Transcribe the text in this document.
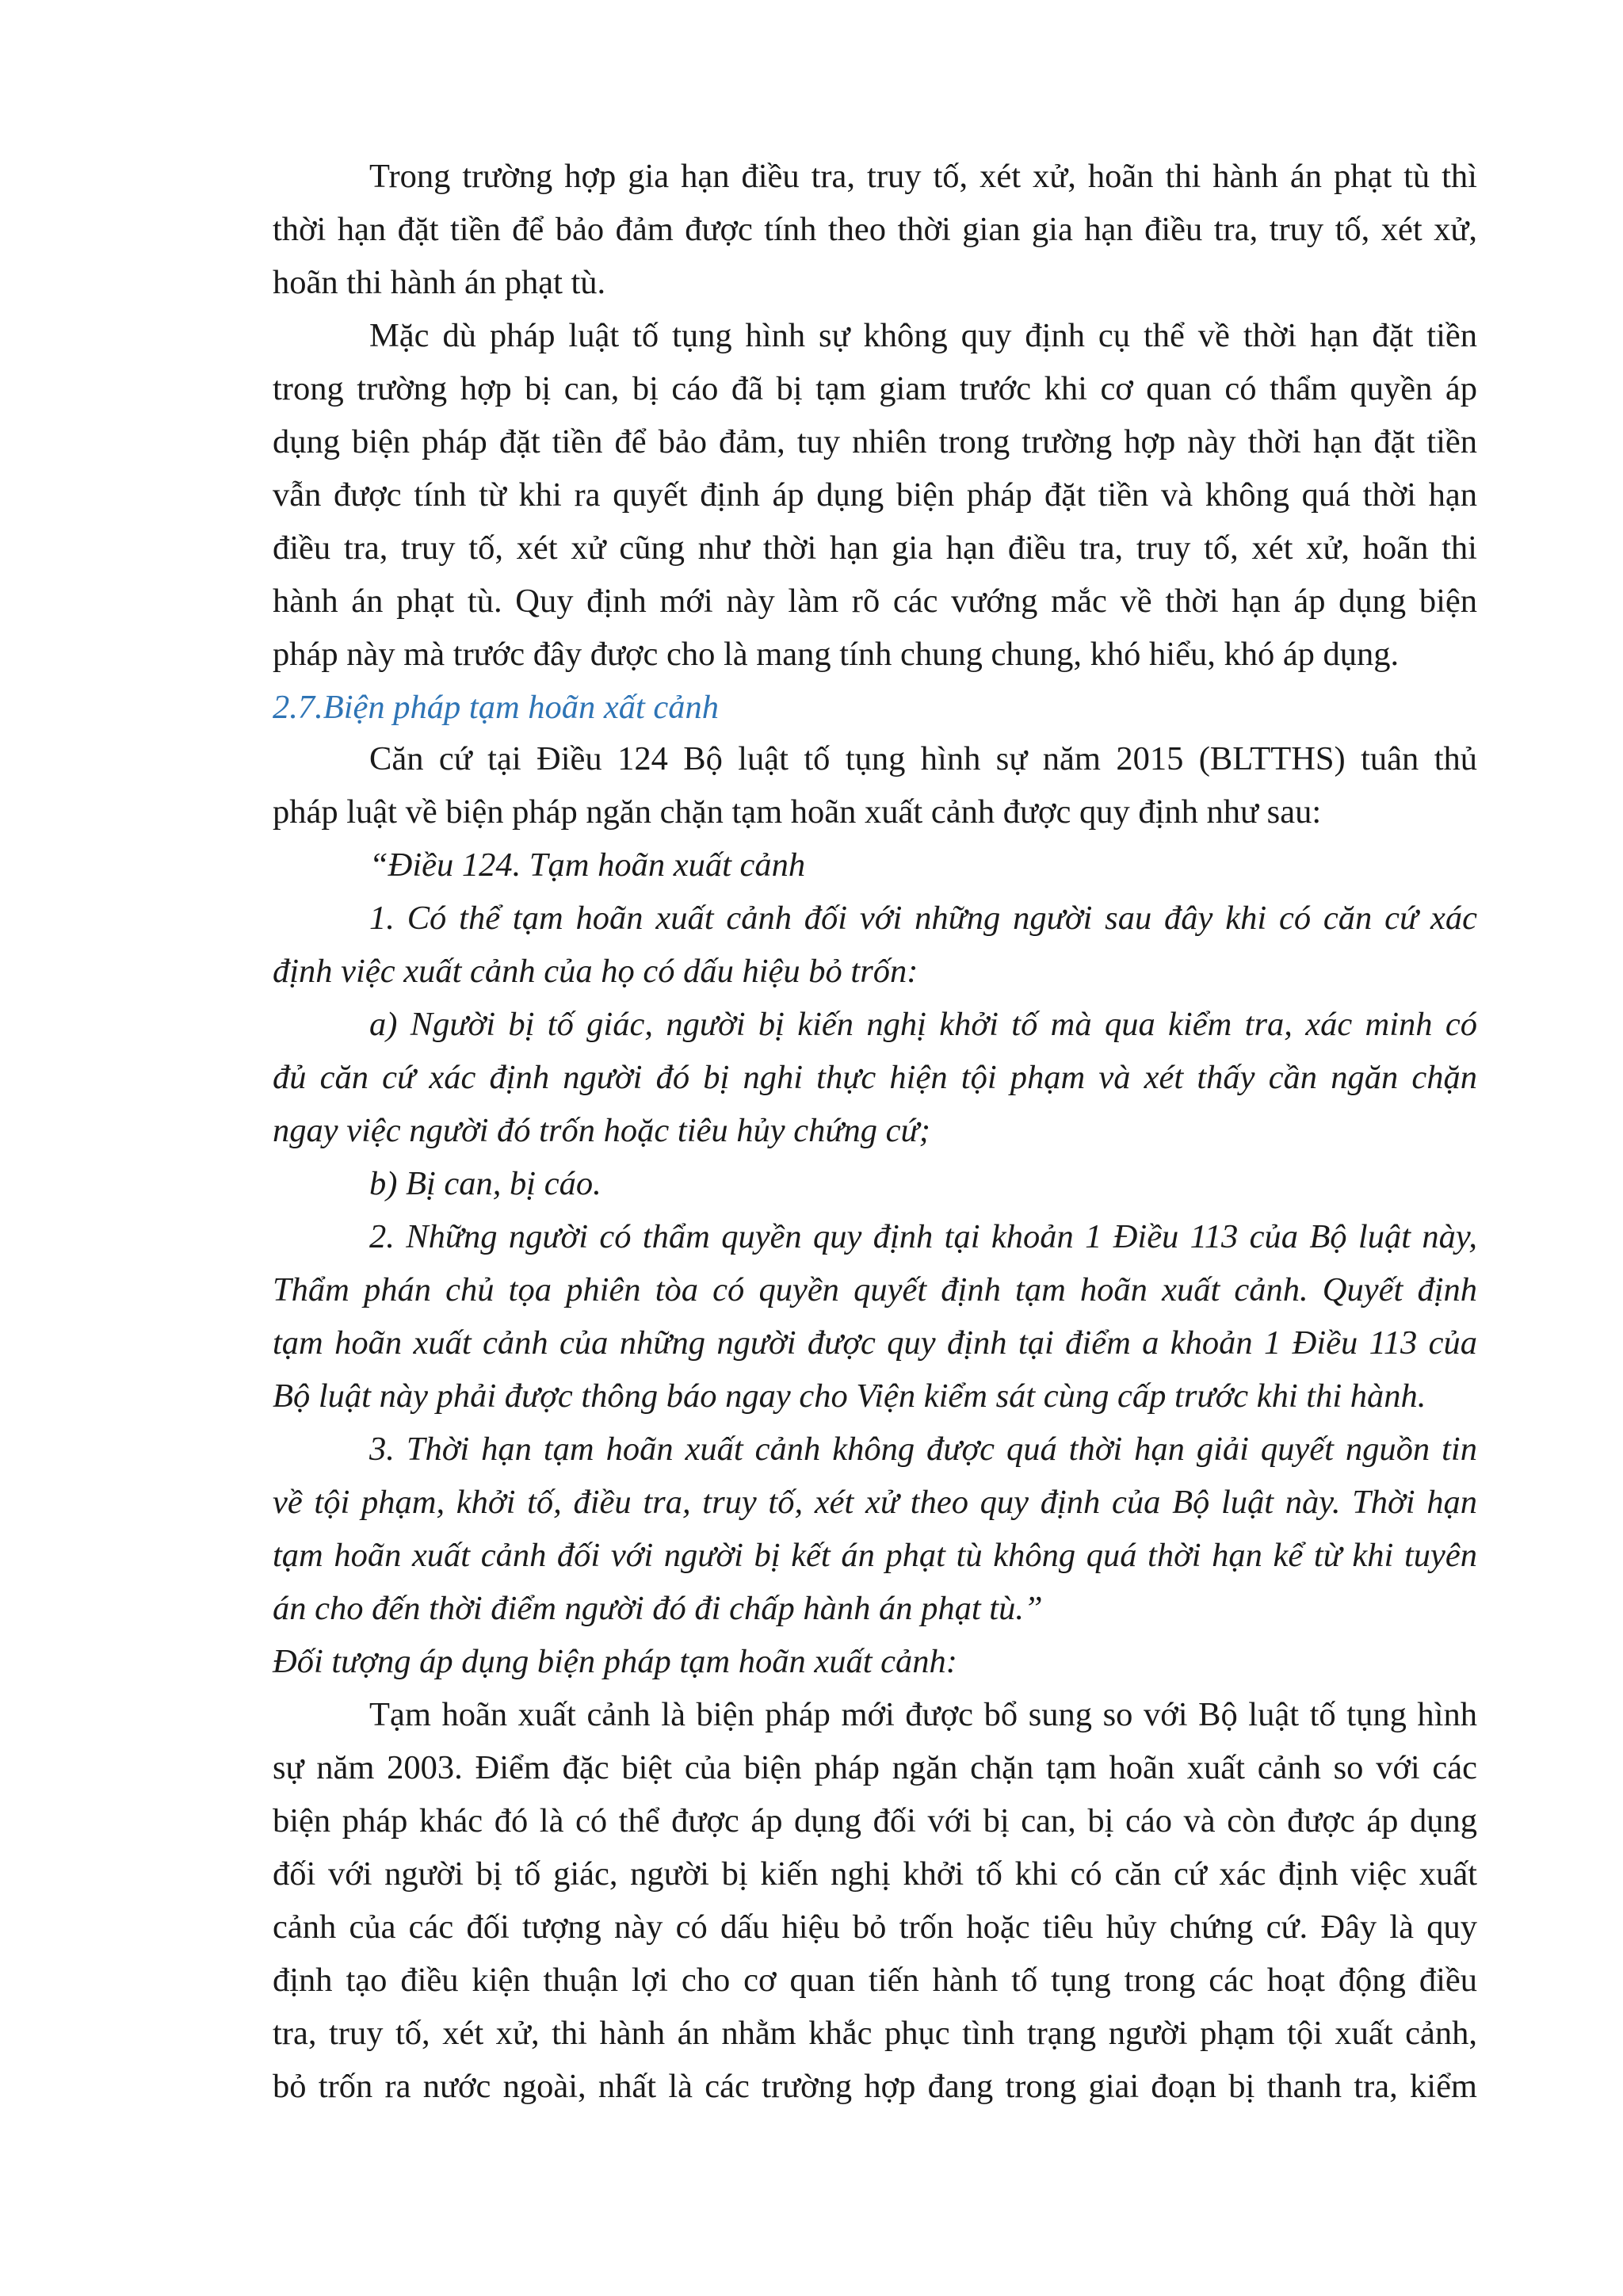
Trong trường hợp gia hạn điều tra, truy tố, xét xử, hoãn thi hành án phạt tù thì

thời hạn đặt tiền để bảo đảm được tính theo thời gian gia hạn điều tra, truy tố, xét xử,

hoãn thi hành án phạt tù.

Mặc dù pháp luật tố tụng hình sự không quy định cụ thể về thời hạn đặt tiền

trong trường hợp bị can, bị cáo đã bị tạm giam trước khi cơ quan có thẩm quyền áp

dụng biện pháp đặt tiền để bảo đảm, tuy nhiên trong trường hợp này thời hạn đặt tiền

vẫn được tính từ khi ra quyết định áp dụng biện pháp đặt tiền và không quá thời hạn

điều tra, truy tố, xét xử cũng như thời hạn gia hạn điều tra, truy tố, xét xử, hoãn thi

hành án phạt tù. Quy định mới này làm rõ các vướng mắc về thời hạn áp dụng biện

pháp này mà trước đây được cho là mang tính chung chung, khó hiểu, khó áp dụng.

2.7.Biện pháp tạm hoãn xất cảnh

Căn cứ tại Điều 124 Bộ luật tố tụng hình sự năm 2015 (BLTTHS) tuân thủ

pháp luật về biện pháp ngăn chặn tạm hoãn xuất cảnh được quy định như sau:

“Điều 124. Tạm hoãn xuất cảnh

1. Có thể tạm hoãn xuất cảnh đối với những người sau đây khi có căn cứ xác

định việc xuất cảnh của họ có dấu hiệu bỏ trốn:

a) Người bị tố giác, người bị kiến nghị khởi tố mà qua kiểm tra, xác minh có

đủ căn cứ xác định người đó bị nghi thực hiện tội phạm và xét thấy cần ngăn chặn

ngay việc người đó trốn hoặc tiêu hủy chứng cứ;

b) Bị can, bị cáo.

2. Những người có thẩm quyền quy định tại khoản 1 Điều 113 của Bộ luật này,

Thẩm phán chủ tọa phiên tòa có quyền quyết định tạm hoãn xuất cảnh. Quyết định

tạm hoãn xuất cảnh của những người được quy định tại điểm a khoản 1 Điều 113 của

Bộ luật này phải được thông báo ngay cho Viện kiểm sát cùng cấp trước khi thi hành.

3. Thời hạn tạm hoãn xuất cảnh không được quá thời hạn giải quyết nguồn tin

về tội phạm, khởi tố, điều tra, truy tố, xét xử theo quy định của Bộ luật này. Thời hạn

tạm hoãn xuất cảnh đối với người bị kết án phạt tù không quá thời hạn kể từ khi tuyên

án cho đến thời điểm người đó đi chấp hành án phạt tù.”

Đối tượng áp dụng biện pháp tạm hoãn xuất cảnh:

Tạm hoãn xuất cảnh là biện pháp mới được bổ sung so với Bộ luật tố tụng hình

sự năm 2003. Điểm đặc biệt của biện pháp ngăn chặn tạm hoãn xuất cảnh so với các

biện pháp khác đó là có thể được áp dụng đối với bị can, bị cáo và còn được áp dụng

đối với người bị tố giác, người bị kiến nghị khởi tố khi có căn cứ xác định việc xuất

cảnh của các đối tượng này có dấu hiệu bỏ trốn hoặc tiêu hủy chứng cứ. Đây là quy

định tạo điều kiện thuận lợi cho cơ quan tiến hành tố tụng trong các hoạt động điều

tra, truy tố, xét xử, thi hành án nhằm khắc phục tình trạng người phạm tội xuất cảnh,

bỏ trốn ra nước ngoài, nhất là các trường hợp đang trong giai đoạn bị thanh tra, kiểm
